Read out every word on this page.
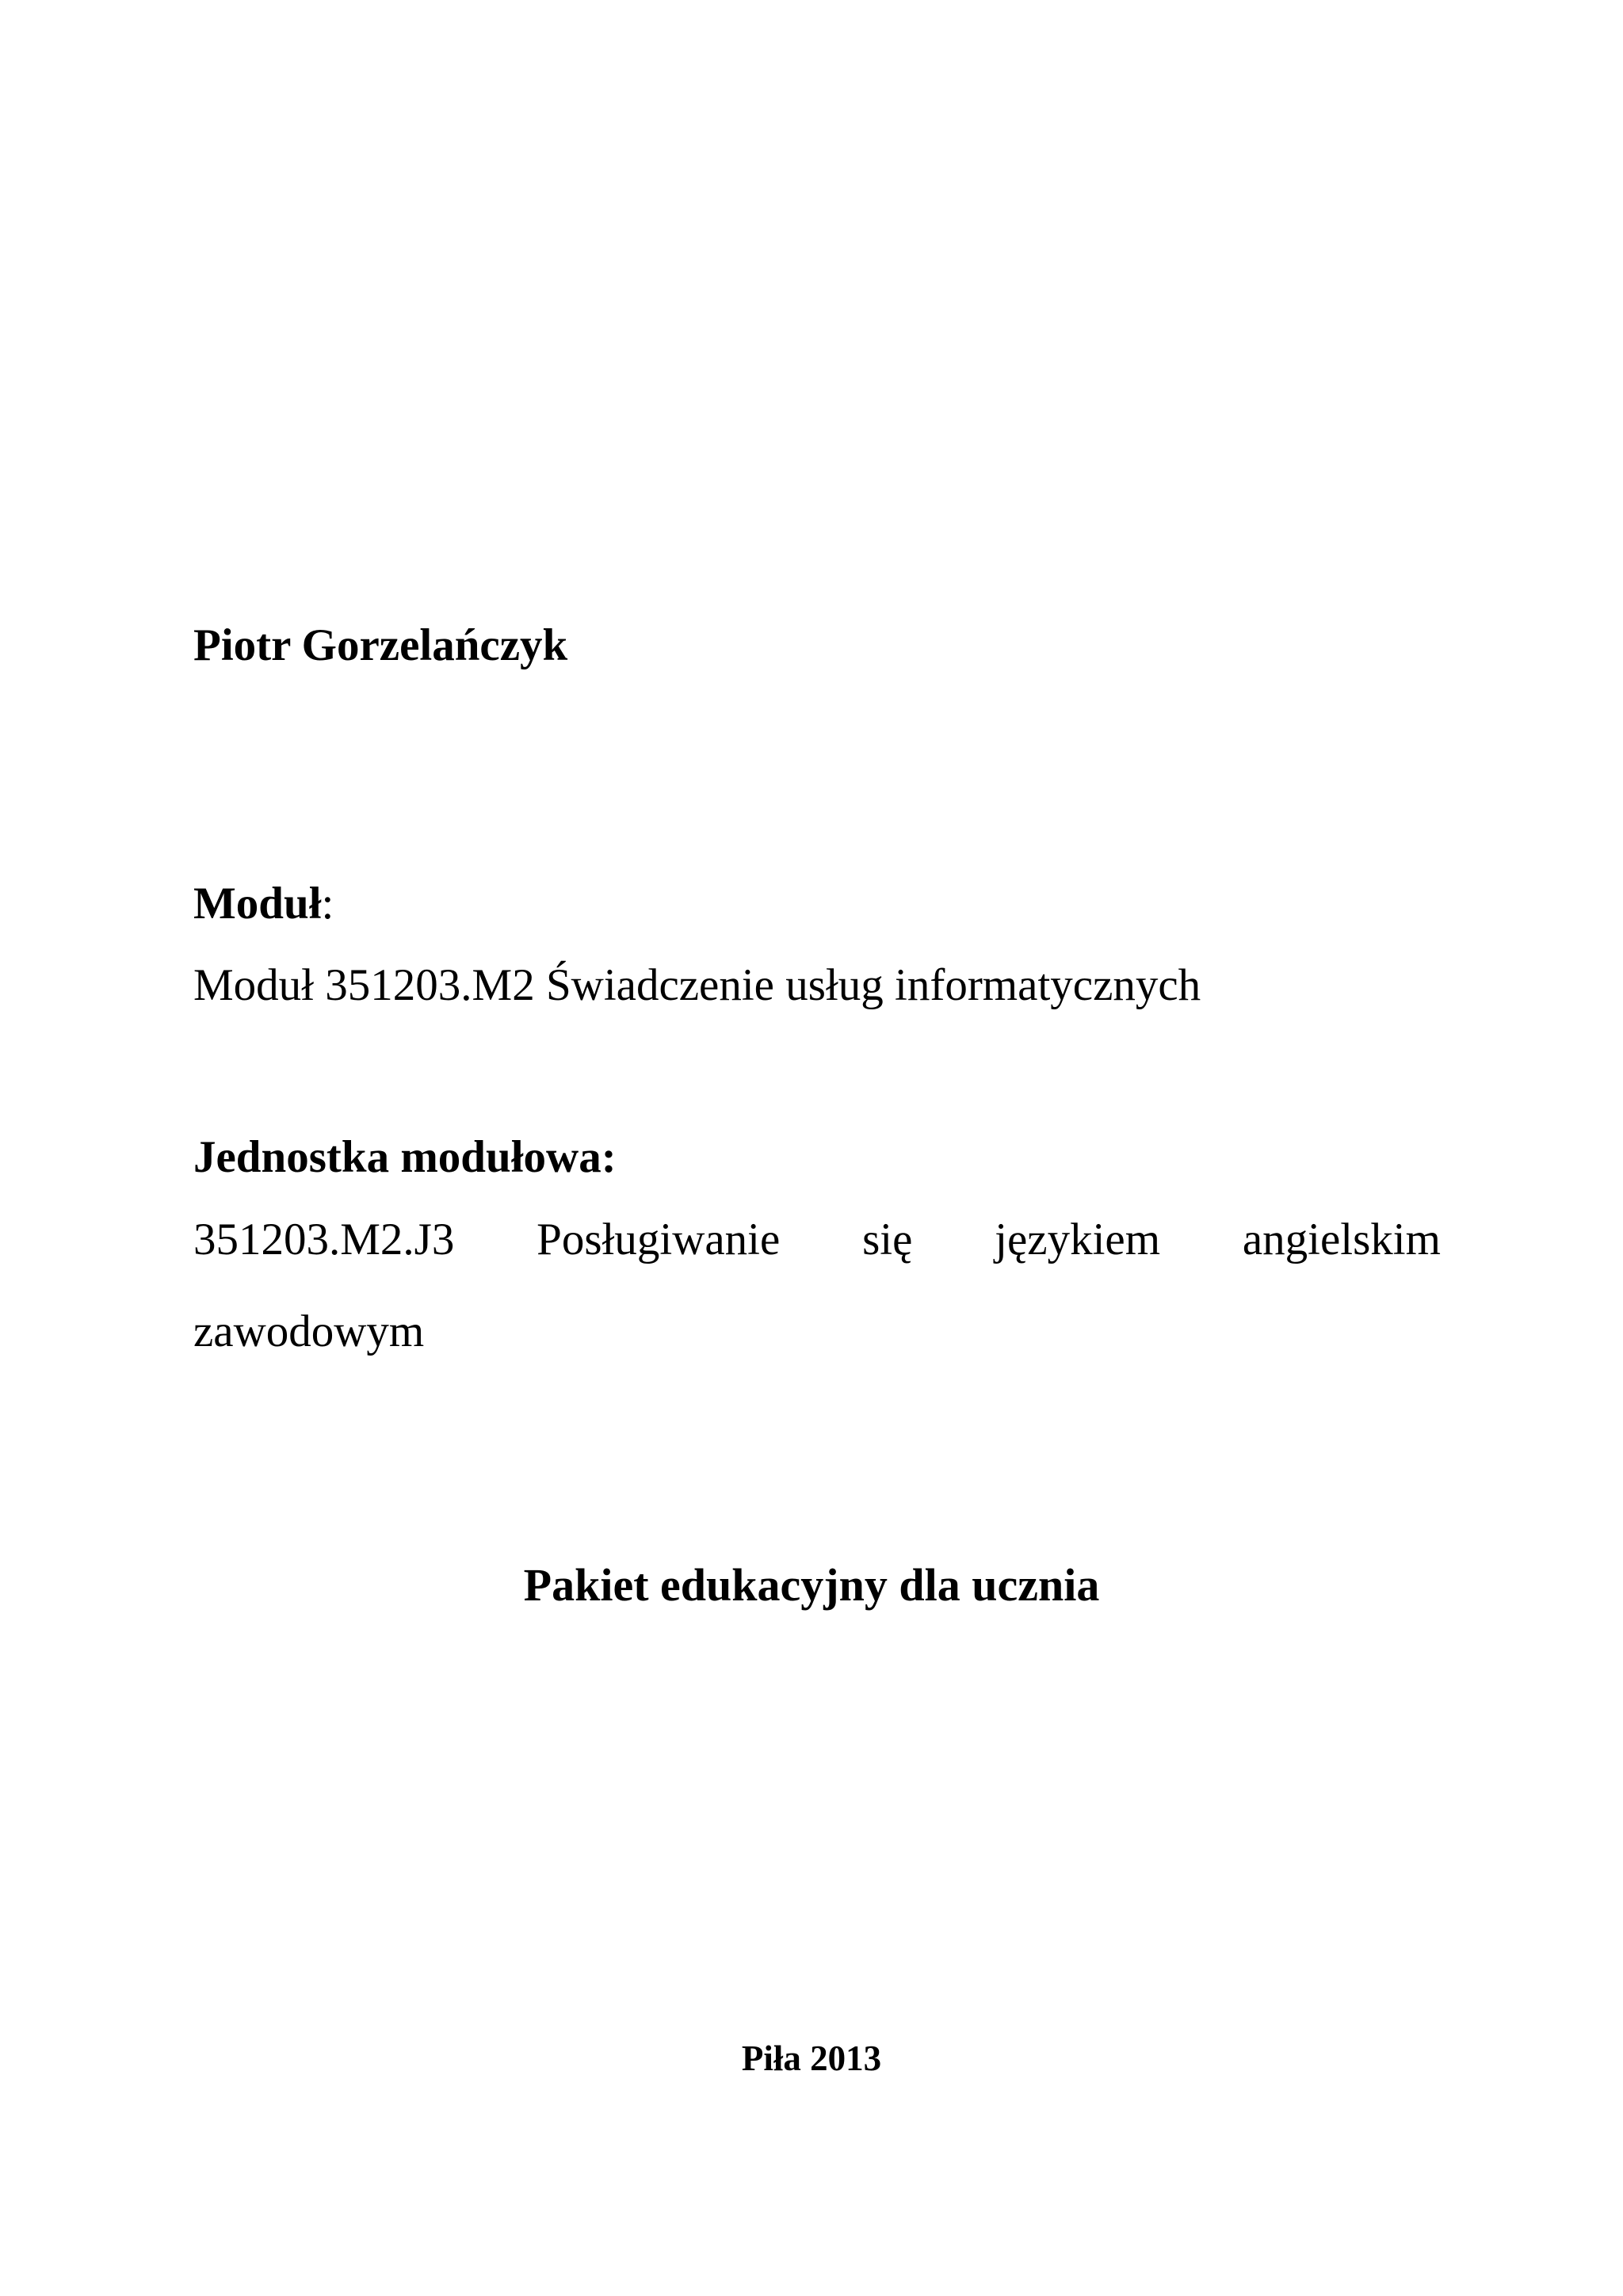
Piotr Gorzelańczyk

Moduł:

Moduł 351203.M2 Świadczenie usług informatycznych

Jednostka modułowa:

351203.M2.J3 Posługiwanie się językiem angielskim

zawodowym

Pakiet edukacyjny dla ucznia

Piła 2013
